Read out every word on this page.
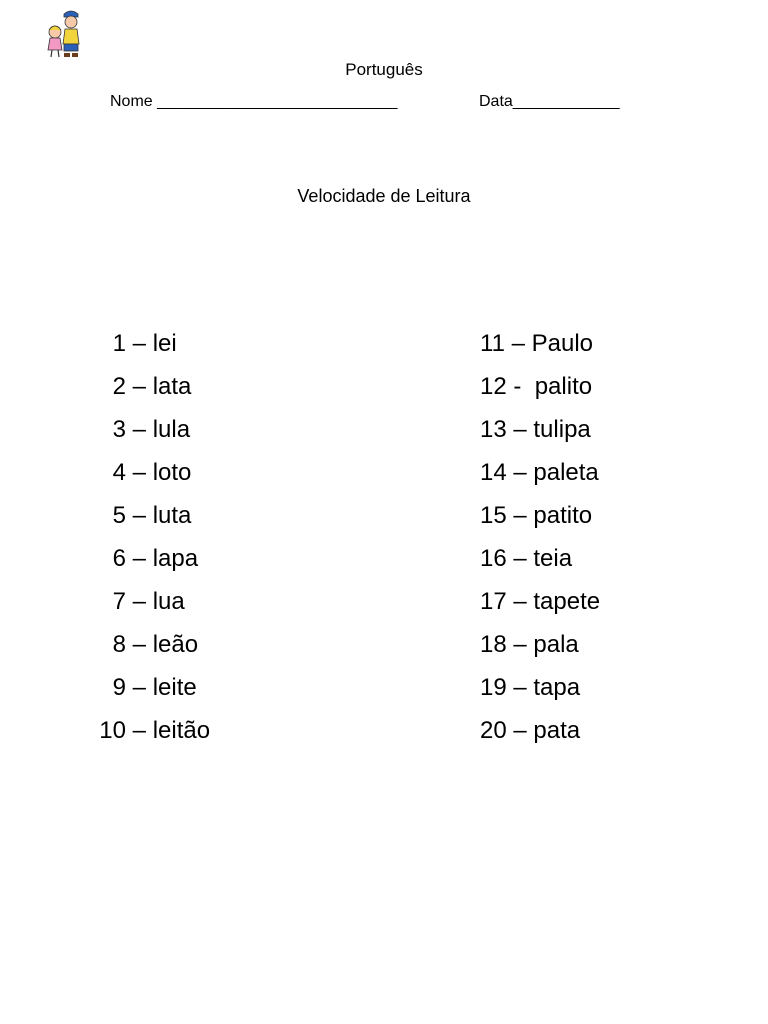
Português
Nome ___________________________	Data____________
Velocidade de Leitura
1 – lei
2 – lata
3 – lula
4 – loto
5 – luta
6 – lapa
7 – lua
8 – leão
9 – leite
10 – leitão
11 – Paulo
12 -  palito
13 – tulipa
14 – paleta
15 – patito
16 – teia
17 – tapete
18 – pala
19 – tapa
20 – pata
